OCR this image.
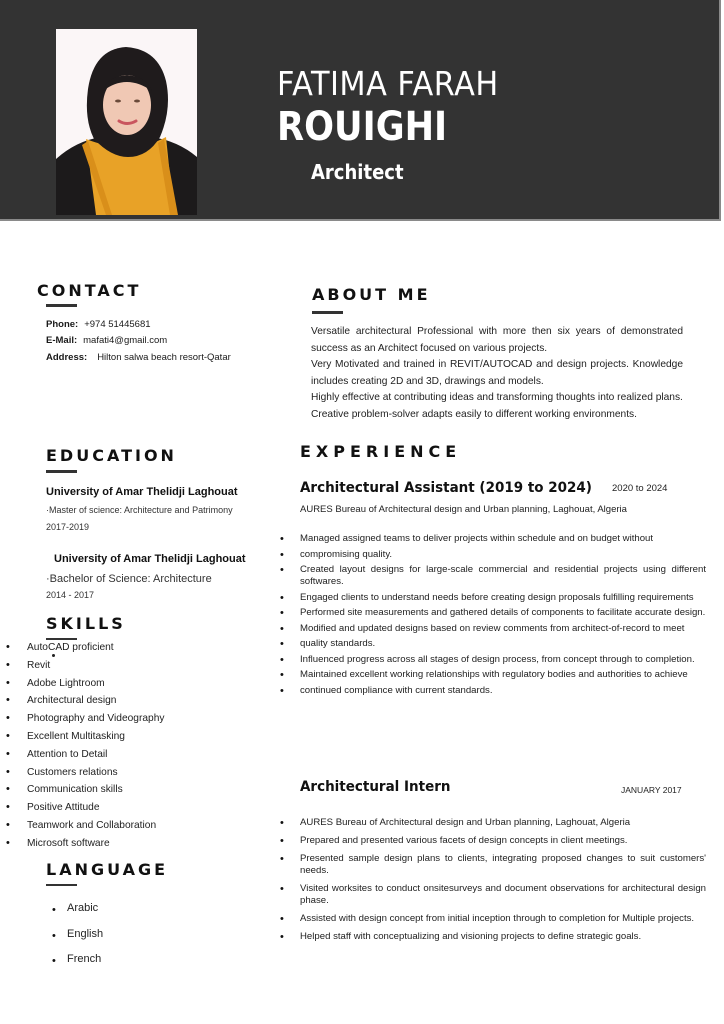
FATIMA FARAH
ROUIGHI
Architect
CONTACT
Phone: +974 51445681
E-Mail: mafati4@gmail.com
Address: Hilton salwa beach resort-Qatar
ABOUT ME

Versatile architectural Professional with more then six years of demonstrated success as an Architect focused on various projects.

Very Motivated and trained in REVIT/AUTOCAD and design projects. Knowledge includes creating 2D and 3D, drawings and models.

Highly effective at contributing ideas and transforming thoughts into realized plans.

Creative problem-solver adapts easily to different working environments.

EDUCATION
University of Amar Thelidji Laghouat
·Master of science: Architecture and Patrimony
2017-2019
University of Amar Thelidji Laghouat
·Bachelor of Science: Architecture
2014 - 2017
SKILLS
• AutoCAD proficient
• Revit
• Adobe Lightroom
• Architectural design
• Photography and Videography
• Excellent Multitasking
• Attention to Detail
• Customers relations
• Communication skills
• Positive Attitude
• Teamwork and Collaboration
• Microsoft software
LANGUAGE
• Arabic
• English
• French
EXPERIENCE
Architectural Assistant (2019 to 2024) 2020 to 2024
AURES Bureau of Architectural design and Urban planning, Laghouat, Algeria
• Managed assigned teams to deliver projects within schedule and on budget without
• compromising quality.
• Created layout designs for large-scale commercial and residential projects using different softwares.
• Engaged clients to understand needs before creating design proposals fulfilling requirements
• Performed site measurements and gathered details of components to facilitate accurate design.
• Modified and updated designs based on review comments from architect-of-record to meet
• quality standards.
• Influenced progress across all stages of design process, from concept through to completion.
• Maintained excellent working relationships with regulatory bodies and authorities to achieve
• continued compliance with current standards.
Architectural Intern	JANUARY 2017
• AURES Bureau of Architectural design and Urban planning, Laghouat, Algeria
• Prepared and presented various facets of design concepts in client meetings.
• Presented sample design plans to clients, integrating proposed changes to suit customers' needs.
• Visited worksites to conduct onsitesurveys and document observations for architectural design phase.
• Assisted with design concept from initial inception through to completion for Multiple projects.
• Helped staff with conceptualizing and visioning projects to define strategic goals.
